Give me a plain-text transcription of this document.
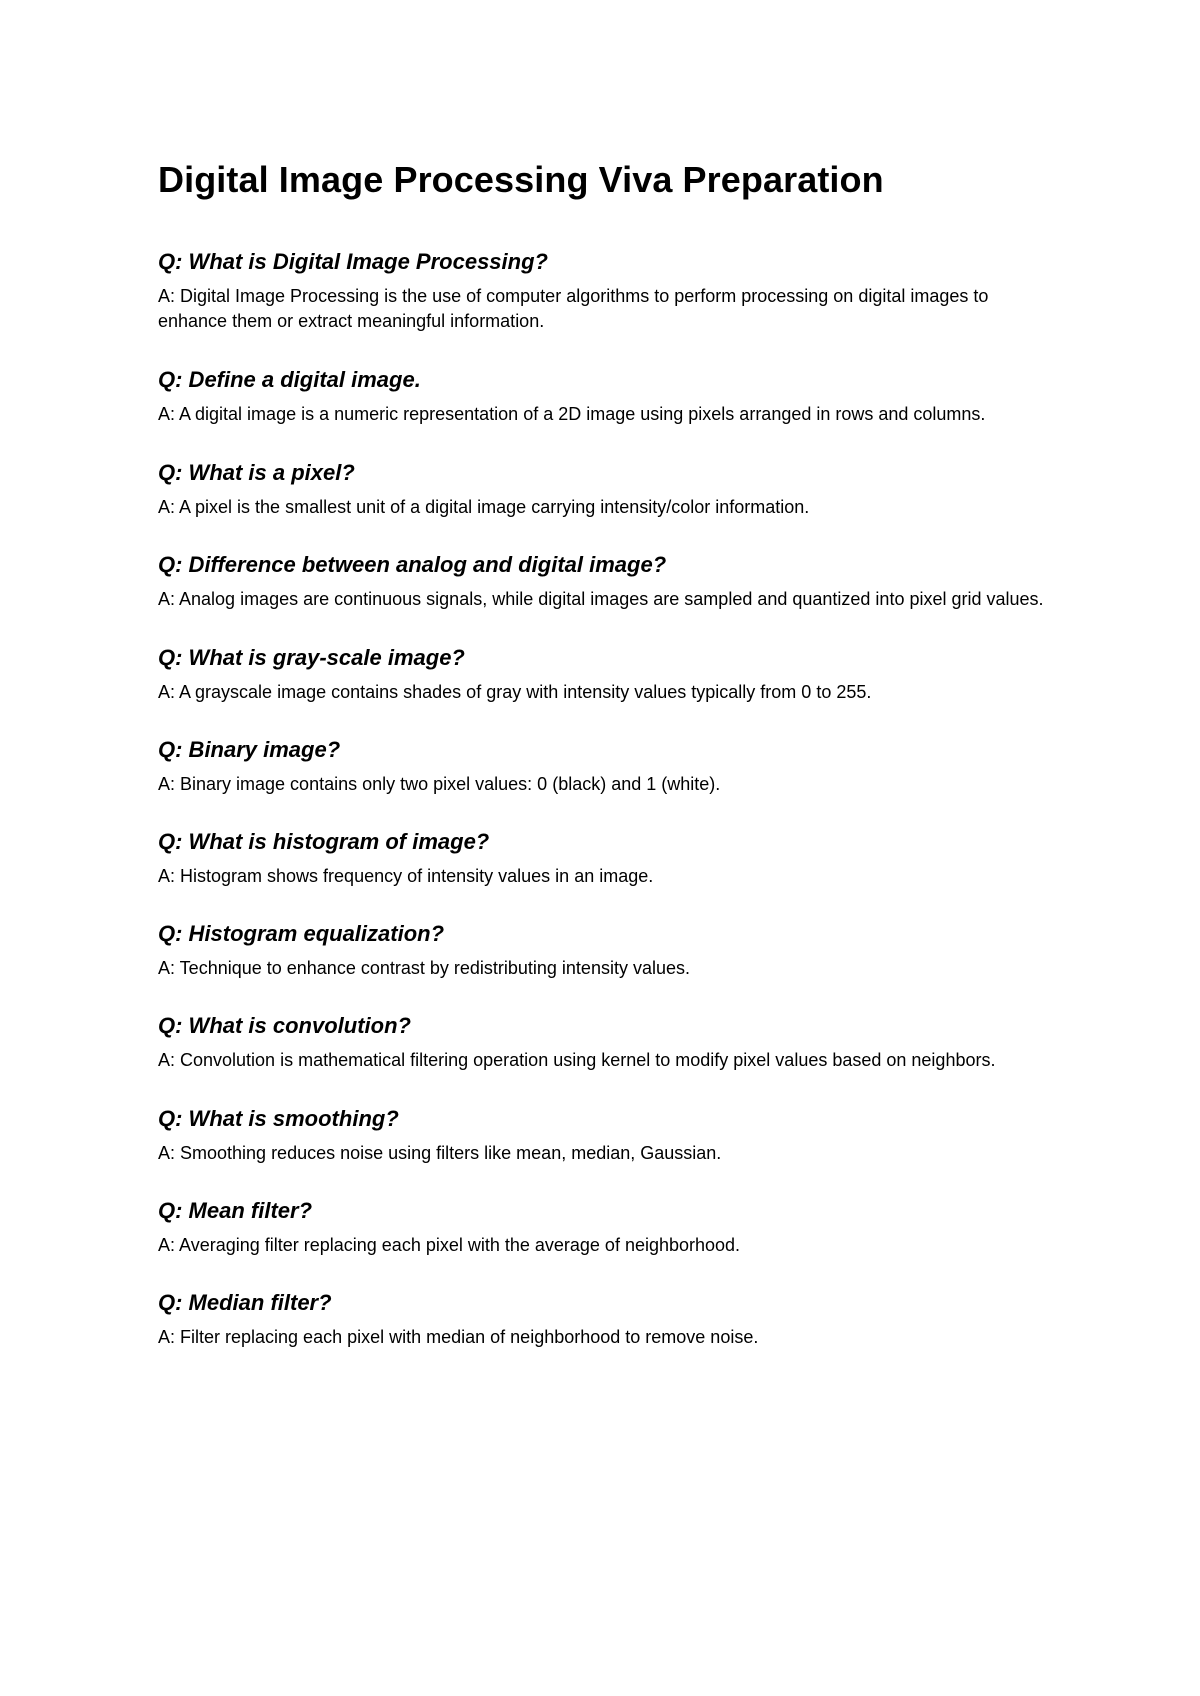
Digital Image Processing Viva Preparation

Q: What is Digital Image Processing?

A: Digital Image Processing is the use of computer algorithms to perform processing on digital images to enhance them or extract meaningful information.

Q: Define a digital image.

A: A digital image is a numeric representation of a 2D image using pixels arranged in rows and columns.

Q: What is a pixel?

A: A pixel is the smallest unit of a digital image carrying intensity/color information.

Q: Difference between analog and digital image?

A: Analog images are continuous signals, while digital images are sampled and quantized into pixel grid values.

Q: What is gray-scale image?

A: A grayscale image contains shades of gray with intensity values typically from 0 to 255.

Q: Binary image?

A: Binary image contains only two pixel values: 0 (black) and 1 (white).

Q: What is histogram of image?

A: Histogram shows frequency of intensity values in an image.

Q: Histogram equalization?

A: Technique to enhance contrast by redistributing intensity values.

Q: What is convolution?

A: Convolution is mathematical filtering operation using kernel to modify pixel values based on neighbors.

Q: What is smoothing?

A: Smoothing reduces noise using filters like mean, median, Gaussian.

Q: Mean filter?

A: Averaging filter replacing each pixel with the average of neighborhood.

Q: Median filter?

A: Filter replacing each pixel with median of neighborhood to remove noise.
